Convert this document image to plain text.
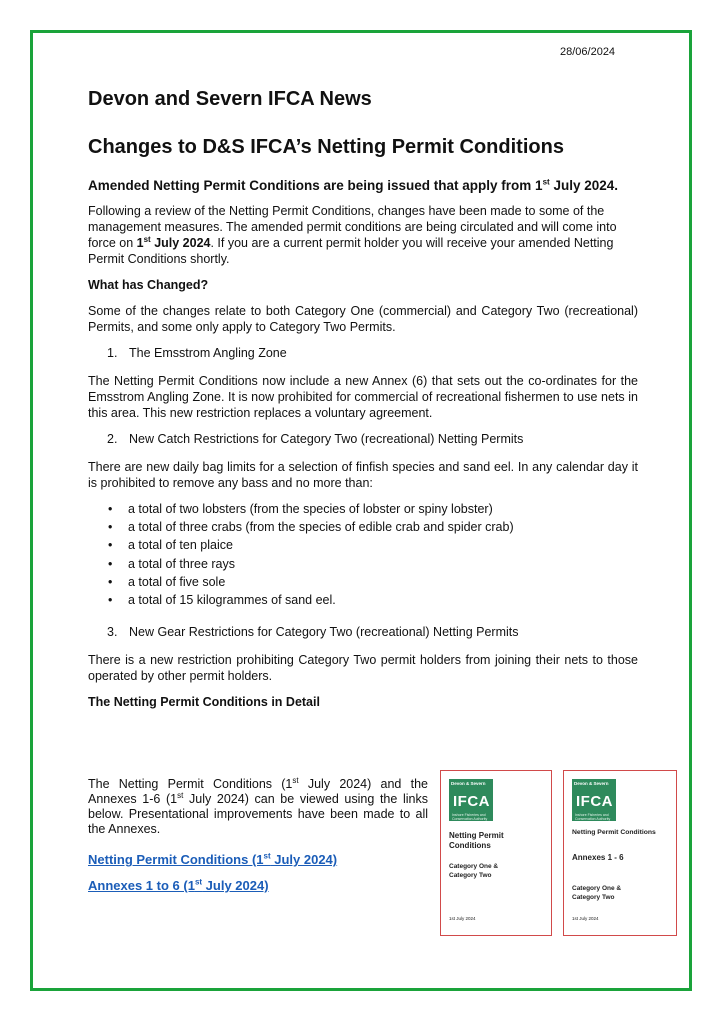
28/06/2024
Devon and Severn IFCA News
Changes to D&S IFCA’s Netting Permit Conditions

Amended Netting Permit Conditions are being issued that apply from 1st July 2024.

Following a review of the Netting Permit Conditions, changes have been made to some of the management measures. The amended permit conditions are being circulated and will come into force on 1st July 2024. If you are a current permit holder you will receive your amended Netting Permit Conditions shortly.

What has Changed?

Some of the changes relate to both Category One (commercial) and Category Two (recreational) Permits, and some only apply to Category Two Permits.

1. The Emsstrom Angling Zone

The Netting Permit Conditions now include a new Annex (6) that sets out the co-ordinates for the Emsstrom Angling Zone. It is now prohibited for commercial of recreational fishermen to use nets in this area. This new restriction replaces a voluntary agreement.

2. New Catch Restrictions for Category Two (recreational) Netting Permits

There are new daily bag limits for a selection of finfish species and sand eel. In any calendar day it is prohibited to remove any bass and no more than:

• a total of two lobsters (from the species of lobster or spiny lobster)
• a total of three crabs (from the species of edible crab and spider crab)
• a total of ten plaice
• a total of three rays
• a total of five sole
• a total of 15 kilogrammes of sand eel.

3. New Gear Restrictions for Category Two (recreational) Netting Permits

There is a new restriction prohibiting Category Two permit holders from joining their nets to those operated by other permit holders.

The Netting Permit Conditions in Detail

The Netting Permit Conditions (1st July 2024) and the Annexes 1-6 (1st July 2024) can be viewed using the links below. Presentational improvements have been made to all the Annexes.
Netting Permit Conditions (1st July 2024)
Annexes 1 to 6 (1st July 2024)
Devon & Severn
IFCA
Inshore Fisheries and Conservation Authority
Netting Permit Conditions
Category One & Category Two
1st July 2024
Devon & Severn
IFCA
Inshore Fisheries and Conservation Authority
Netting Permit Conditions
Annexes 1 - 6
Category One & Category Two
1st July 2024
